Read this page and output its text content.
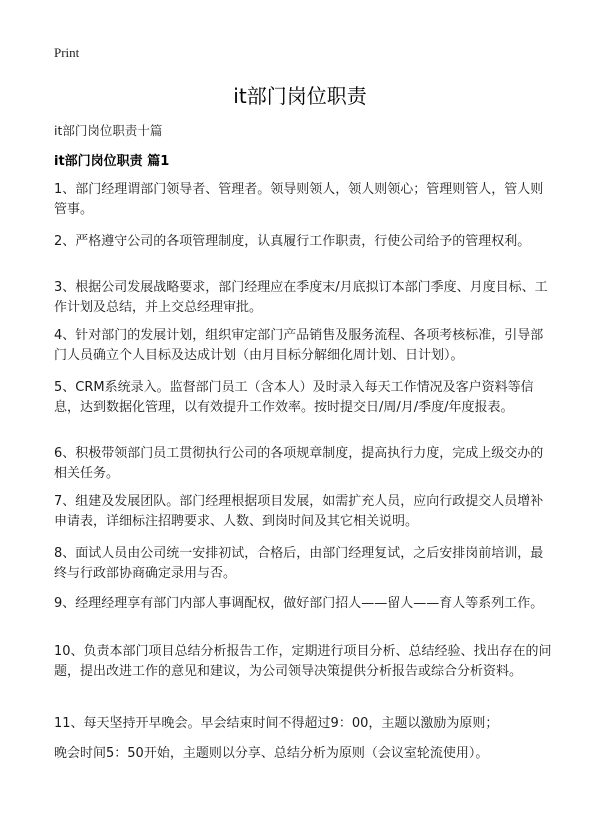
Print
it部门岗位职责
it部门岗位职责十篇
it部门岗位职责 篇1

1、部门经理谓部门领导者、管理者。领导则领人，领人则领心；管理则管人，管人则管事。

2、严格遵守公司的各项管理制度，认真履行工作职责，行使公司给予的管理权利。

3、根据公司发展战略要求，部门经理应在季度末/月底拟订本部门季度、月度目标、工作计划及总结，并上交总经理审批。

4、针对部门的发展计划，组织审定部门产品销售及服务流程、各项考核标准，引导部门人员确立个人目标及达成计划（由月目标分解细化周计划、日计划）。

5、CRM系统录入。监督部门员工（含本人）及时录入每天工作情况及客户资料等信息，达到数据化管理，以有效提升工作效率。按时提交日/周/月/季度/年度报表。

6、积极带领部门员工贯彻执行公司的各项规章制度，提高执行力度，完成上级交办的相关任务。

7、组建及发展团队。部门经理根据项目发展，如需扩充人员，应向行政提交人员增补申请表，详细标注招聘要求、人数、到岗时间及其它相关说明。

8、面试人员由公司统一安排初试，合格后，由部门经理复试，之后安排岗前培训，最终与行政部协商确定录用与否。

9、经理经理享有部门内部人事调配权，做好部门招人——留人——育人等系列工作。

10、负责本部门项目总结分析报告工作，定期进行项目分析、总结经验、找出存在的问题，提出改进工作的意见和建议，为公司领导决策提供分析报告或综合分析资料。

11、每天坚持开早晚会。早会结束时间不得超过9：00，主题以激励为原则；

晚会时间5：50开始，主题则以分享、总结分析为原则（会议室轮流使用）。
